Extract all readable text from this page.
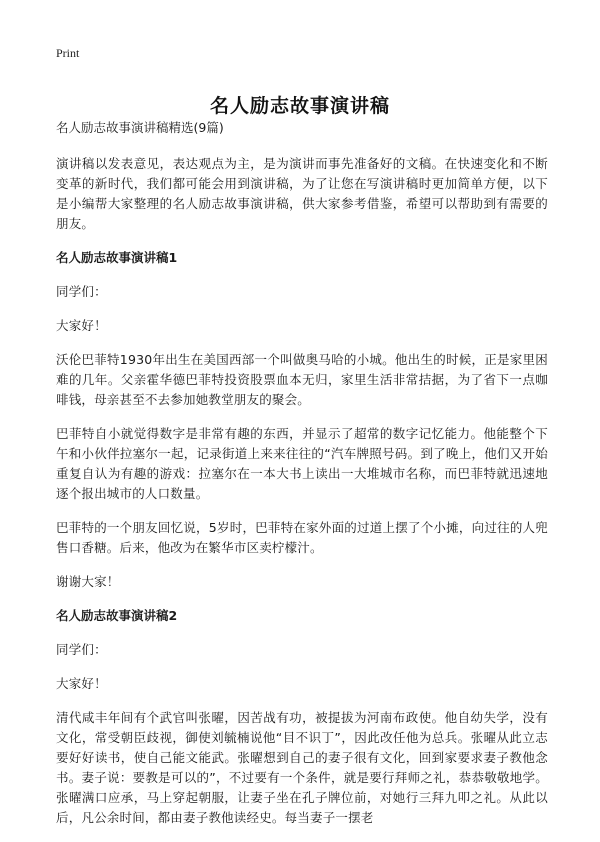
Print
名人励志故事演讲稿

名人励志故事演讲稿精选(9篇)

演讲稿以发表意见，表达观点为主，是为演讲而事先准备好的文稿。在快速变化和不断变革的新时代，我们都可能会用到演讲稿，为了让您在写演讲稿时更加简单方便，以下是小编帮大家整理的名人励志故事演讲稿，供大家参考借鉴，希望可以帮助到有需要的朋友。

名人励志故事演讲稿1

同学们：

大家好！

沃伦巴菲特1930年出生在美国西部一个叫做奥马哈的小城。他出生的时候，正是家里困难的几年。父亲霍华德巴菲特投资股票血本无归，家里生活非常拮据，为了省下一点咖啡钱，母亲甚至不去参加她教堂朋友的聚会。

巴菲特自小就觉得数字是非常有趣的东西，并显示了超常的数字记忆能力。他能整个下午和小伙伴拉塞尔一起，记录街道上来来往往的“汽车牌照号码。到了晚上，他们又开始重复自认为有趣的游戏：拉塞尔在一本大书上读出一大堆城市名称，而巴菲特就迅速地逐个报出城市的人口数量。

巴菲特的一个朋友回忆说，5岁时，巴菲特在家外面的过道上摆了个小摊，向过往的人兜售口香糖。后来，他改为在繁华市区卖柠檬汁。

谢谢大家！

名人励志故事演讲稿2

同学们：

大家好！

清代咸丰年间有个武官叫张曜，因苦战有功，被提拔为河南布政使。他自幼失学，没有文化，常受朝臣歧视，御使刘毓楠说他“目不识丁”，因此改任他为总兵。张曜从此立志要好好读书，使自己能文能武。张曜想到自己的妻子很有文化，回到家要求妻子教他念书。妻子说：要教是可以的”，不过要有一个条件，就是要行拜师之礼，恭恭敬敬地学。张曜满口应承，马上穿起朝服，让妻子坐在孔子牌位前，对她行三拜九叩之礼。从此以后，凡公余时间，都由妻子教他读经史。每当妻子一摆老
